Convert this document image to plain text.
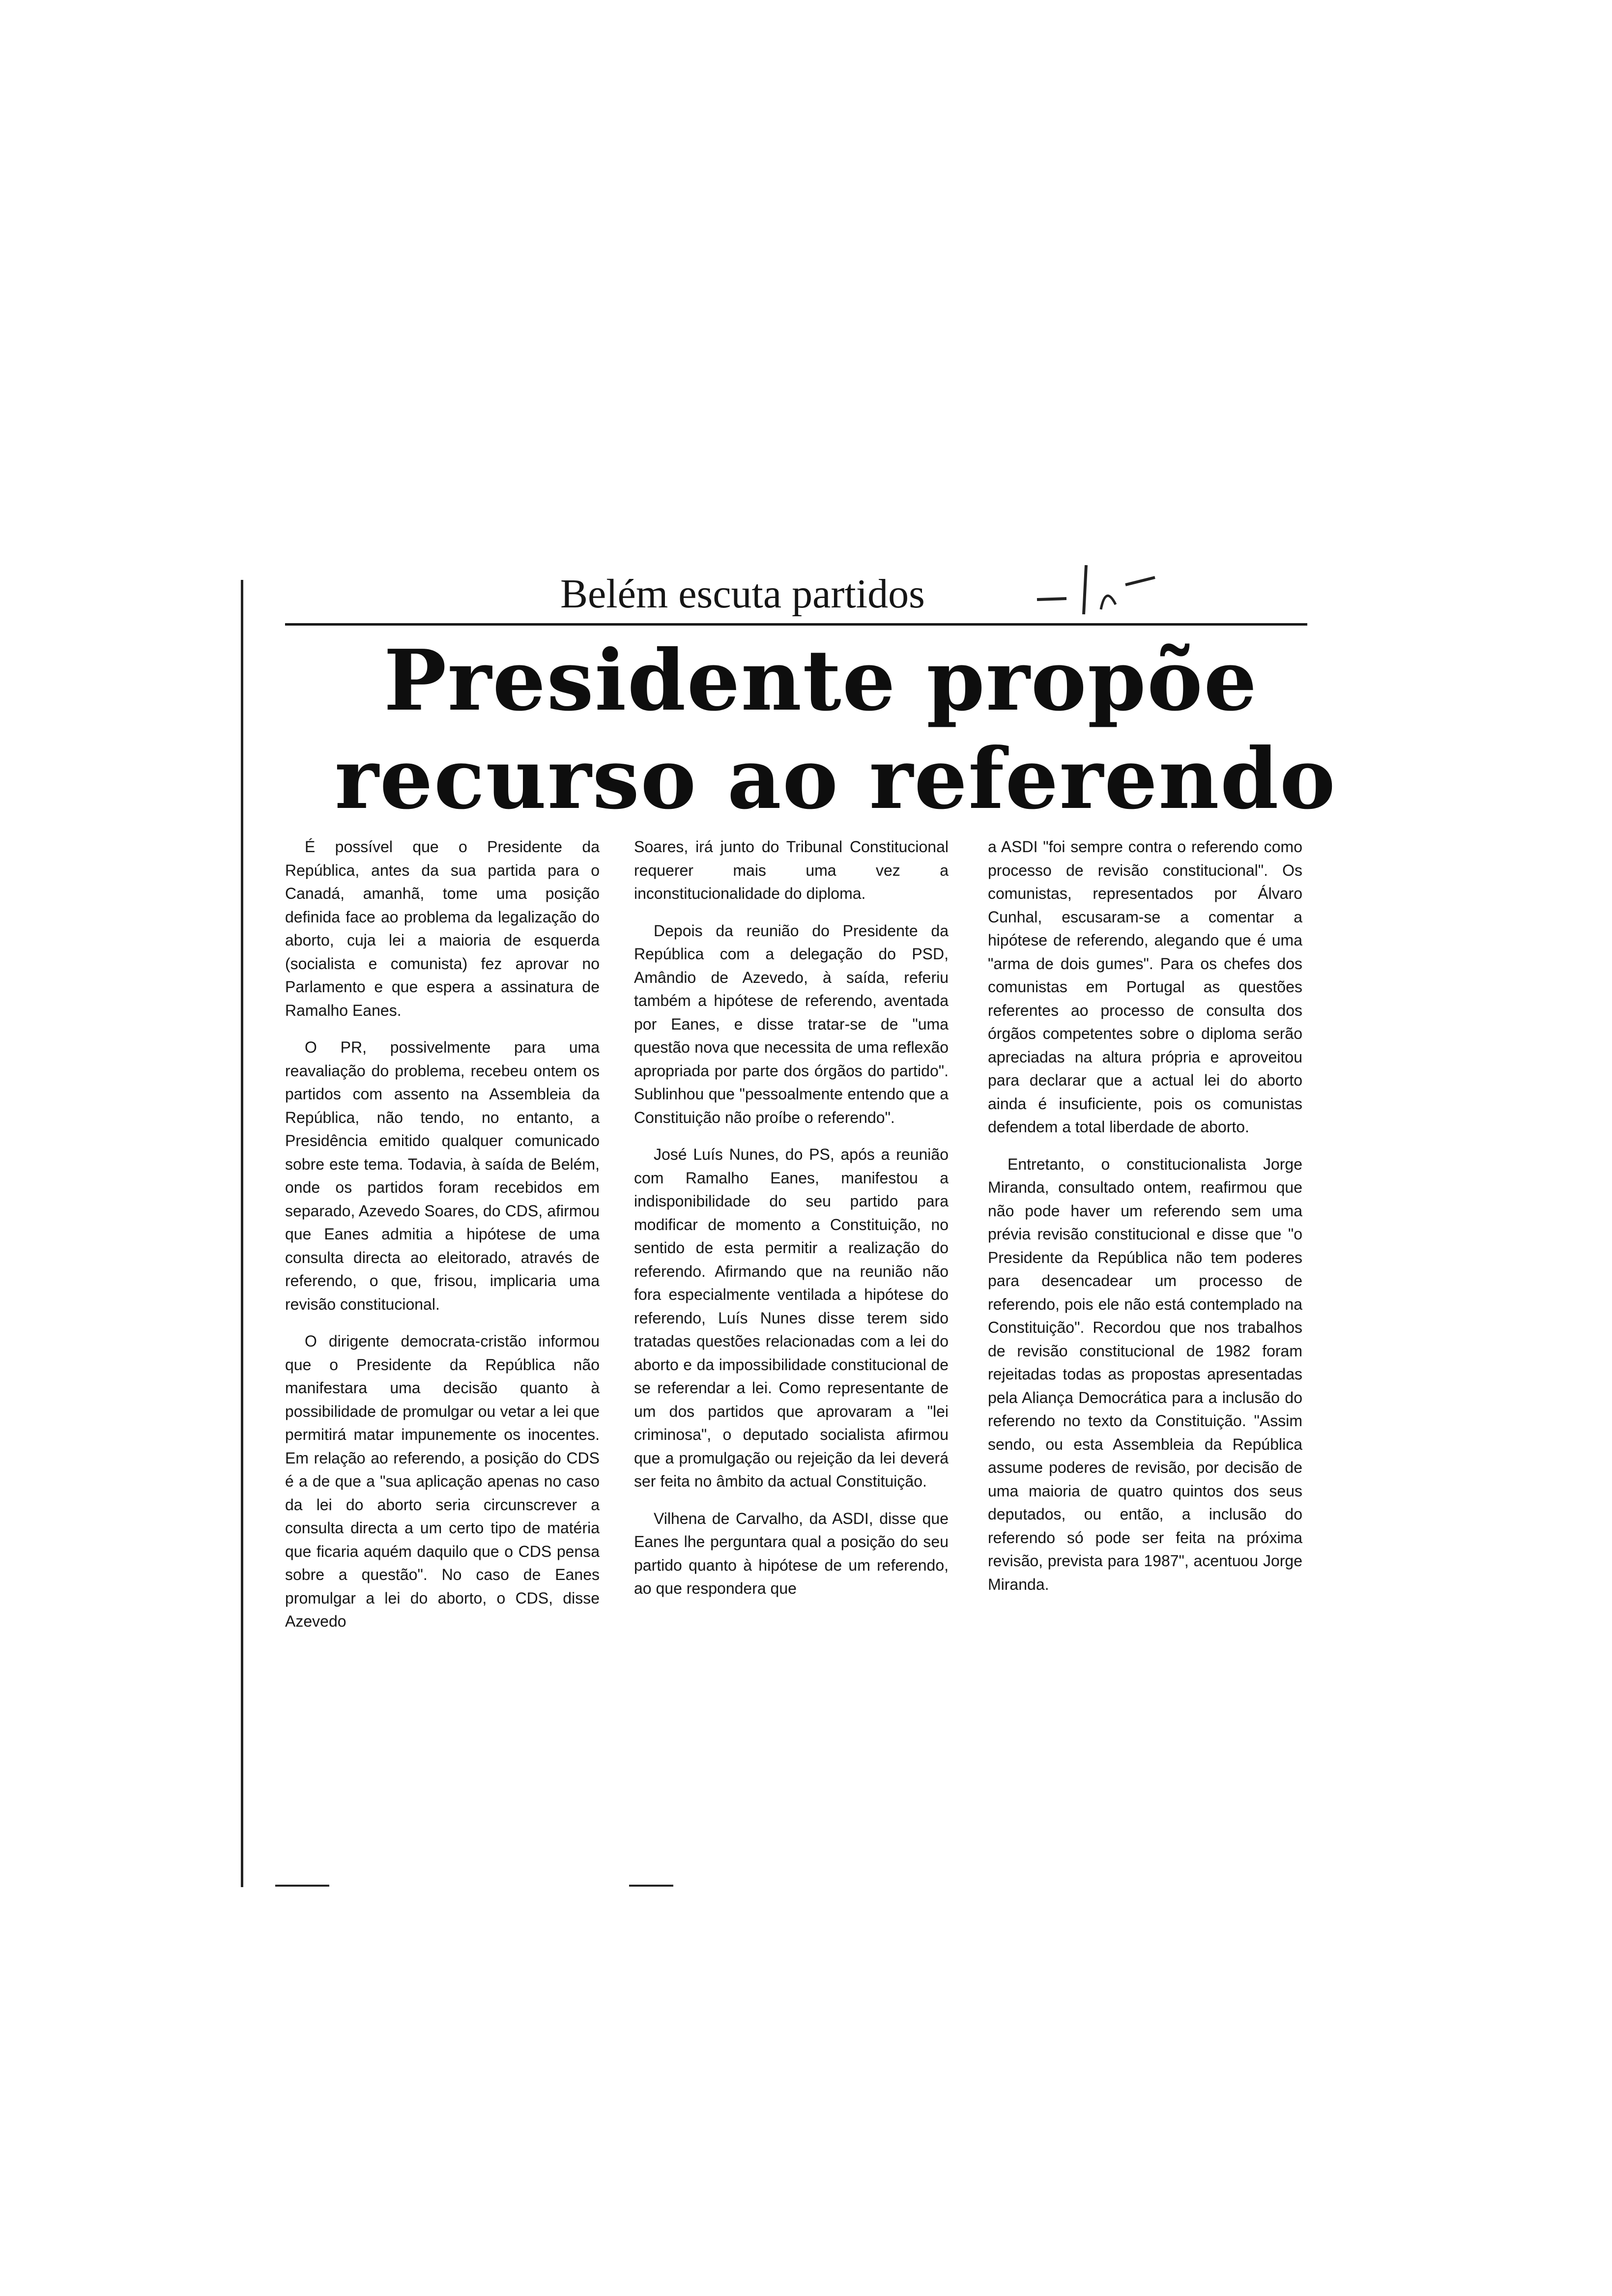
Belém escuta partidos
Presidente propõe
recurso ao referendo

É possível que o Presidente da República, antes da sua partida para o Canadá, amanhã, tome uma posição definida face ao problema da legalização do aborto, cuja lei a maioria de esquerda (socialista e comunista) fez aprovar no Parlamento e que espera a assinatura de Ramalho Eanes.

O PR, possivelmente para uma reavaliação do problema, recebeu ontem os partidos com assento na Assembleia da República, não tendo, no entanto, a Presidência emitido qualquer comunicado sobre este tema. Todavia, à saída de Belém, onde os partidos foram recebidos em separado, Azevedo Soares, do CDS, afirmou que Eanes admitia a hipótese de uma consulta directa ao eleitorado, através de referendo, o que, frisou, implicaria uma revisão constitucional.

O dirigente democrata-cristão informou que o Presidente da República não manifestara uma decisão quanto à possibilidade de promulgar ou vetar a lei que permitirá matar impunemente os inocentes. Em relação ao referendo, a posição do CDS é a de que a "sua aplicação apenas no caso da lei do aborto seria circunscrever a consulta directa a um certo tipo de matéria que ficaria aquém daquilo que o CDS pensa sobre a questão". No caso de Eanes promulgar a lei do aborto, o CDS, disse Azevedo

Soares, irá junto do Tribunal Constitucional requerer mais uma vez a inconstitucionalidade do diploma.

Depois da reunião do Presidente da República com a delegação do PSD, Amândio de Azevedo, à saída, referiu também a hipótese de referendo, aventada por Eanes, e disse tratar-se de "uma questão nova que necessita de uma reflexão apropriada por parte dos órgãos do partido". Sublinhou que "pessoalmente entendo que a Constituição não proíbe o referendo".

José Luís Nunes, do PS, após a reunião com Ramalho Eanes, manifestou a indisponibilidade do seu partido para modificar de momento a Constituição, no sentido de esta permitir a realização do referendo. Afirmando que na reunião não fora especialmente ventilada a hipótese do referendo, Luís Nunes disse terem sido tratadas questões relacionadas com a lei do aborto e da impossibilidade constitucional de se referendar a lei. Como representante de um dos partidos que aprovaram a "lei criminosa", o deputado socialista afirmou que a promulgação ou rejeição da lei deverá ser feita no âmbito da actual Constituição.

Vilhena de Carvalho, da ASDI, disse que Eanes lhe perguntara qual a posição do seu partido quanto à hipótese de um referendo, ao que respondera que

a ASDI "foi sempre contra o referendo como processo de revisão constitucional". Os comunistas, representados por Álvaro Cunhal, escusaram-se a comentar a hipótese de referendo, alegando que é uma "arma de dois gumes". Para os chefes dos comunistas em Portugal as questões referentes ao processo de consulta dos órgãos competentes sobre o diploma serão apreciadas na altura própria e aproveitou para declarar que a actual lei do aborto ainda é insuficiente, pois os comunistas defendem a total liberdade de aborto.

Entretanto, o constitucionalista Jorge Miranda, consultado ontem, reafirmou que não pode haver um referendo sem uma prévia revisão constitucional e disse que "o Presidente da República não tem poderes para desencadear um processo de referendo, pois ele não está contemplado na Constituição". Recordou que nos trabalhos de revisão constitucional de 1982 foram rejeitadas todas as propostas apresentadas pela Aliança Democrática para a inclusão do referendo no texto da Constituição. "Assim sendo, ou esta Assembleia da República assume poderes de revisão, por decisão de uma maioria de quatro quintos dos seus deputados, ou então, a inclusão do referendo só pode ser feita na próxima revisão, prevista para 1987", acentuou Jorge Miranda.
